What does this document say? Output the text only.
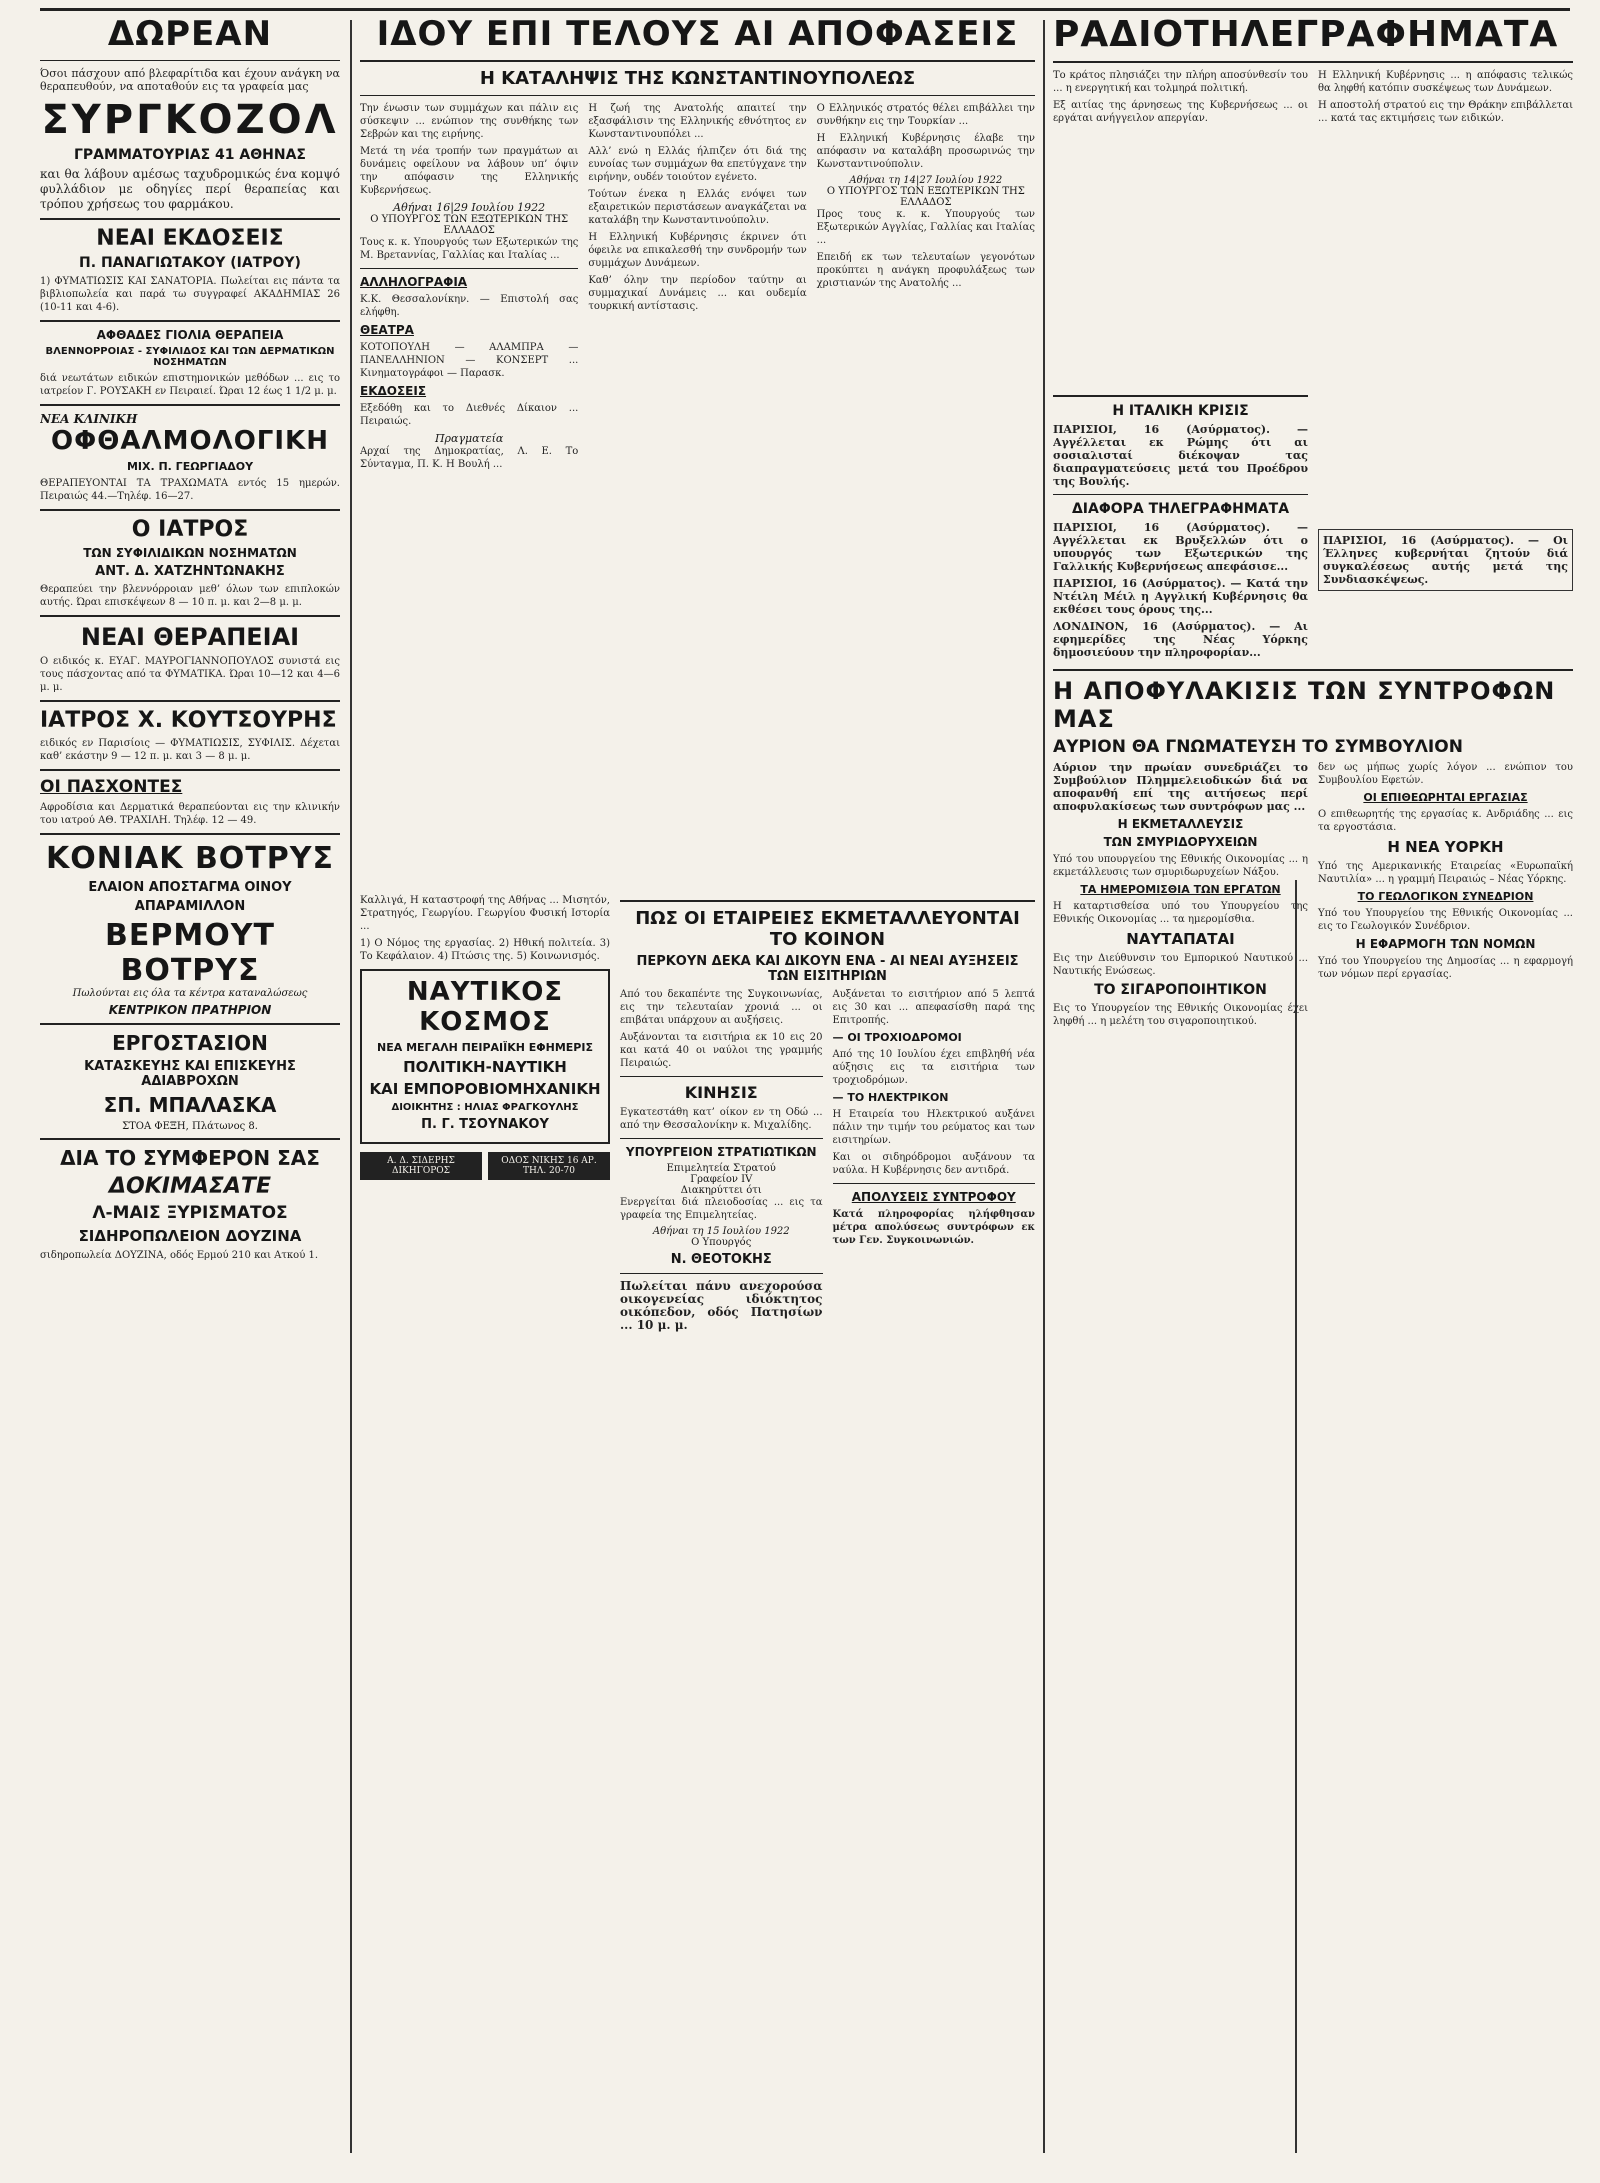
ΔΩΡΕΑΝ

Όσοι πάσχουν από βλεφαρίτιδα και έχουν ανάγκη να θεραπευθούν, να αποταθούν εις τα γραφεία μας

ΣΥΡΓΚΟΖΟΛ
ΓΡΑΜΜΑΤΟΥΡΙΑΣ 41 ΑΘΗΝΑΣ

και θα λάβουν αμέσως ταχυδρομικώς ένα κομψό φυλλάδιον με οδηγίες περί θεραπείας και τρόπου χρήσεως του φαρμάκου.

ΝΕΑΙ ΕΚΔΟΣΕΙΣ
Π. ΠΑΝΑΓΙΩΤΑΚΟΥ (ΙΑΤΡΟΥ)

1) ΦΥΜΑΤΙΩΣΙΣ ΚΑΙ ΣΑΝΑΤΟΡΙΑ. Πωλείται εις πάντα τα βιβλιοπωλεία και παρά τω συγγραφεί ΑΚΑΔΗΜΙΑΣ 26 (10-11 και 4-6).

ΑΦΘΑΔΕΣ ΓΙΟΛΙΑ ΘΕΡΑΠΕΙΑ
ΒΛΕΝΝΟΡΡΟΙΑΣ - ΣΥΦΙΛΙΔΟΣ ΚΑΙ ΤΩΝ ΔΕΡΜΑΤΙΚΩΝ ΝΟΣΗΜΑΤΩΝ

διά νεωτάτων ειδικών επιστημονικών μεθόδων ... εις το ιατρείον Γ. ΡΟΥΣΑΚΗ εν Πειραιεί. Ώραι 12 έως 1 1/2 μ. μ.

ΝΕΑ ΚΛΙΝΙΚΗ
ΟΦΘΑΛΜΟΛΟΓΙΚΗ
ΜΙΧ. Π. ΓΕΩΡΓΙΑΔΟΥ

ΘΕΡΑΠΕΥΟΝΤΑΙ ΤΑ ΤΡΑΧΩΜΑΤΑ εντός 15 ημερών. Πειραιώς 44.—Τηλέφ. 16—27.

Ο ΙΑΤΡΟΣ
ΤΩΝ ΣΥΦΙΛΙΔΙΚΩΝ ΝΟΣΗΜΑΤΩΝ
ΑΝΤ. Δ. ΧΑΤΖΗΝΤΩΝΑΚΗΣ

Θεραπεύει την βλεννόρροιαν μεθ’ όλων των επιπλοκών αυτής. Ώραι επισκέψεων 8 — 10 π. μ. και 2—8 μ. μ.

ΝΕΑΙ ΘΕΡΑΠΕΙΑΙ

Ο ειδικός κ. ΕΥΑΓ. ΜΑΥΡΟΓΙΑΝΝΟΠΟΥΛΟΣ συνιστά εις τους πάσχοντας από τα ΦΥΜΑΤΙΚΑ. Ώραι 10—12 και 4—6 μ. μ.

ΙΑΤΡΟΣ Χ. ΚΟΥΤΣΟΥΡΗΣ

ειδικός εν Παρισίοις — ΦΥΜΑΤΙΩΣΙΣ, ΣΥΦΙΛΙΣ. Δέχεται καθ’ εκάστην 9 — 12 π. μ. και 3 — 8 μ. μ.

ΟΙ ΠΑΣΧΟΝΤΕΣ

Αφροδίσια και Δερματικά θεραπεύονται εις την κλινικήν του ιατρού ΑΘ. ΤΡΑΧΙΛΗ. Τηλέφ. 12 — 49.

ΚΟΝΙΑΚ ΒΟΤΡΥΣ
ΕΛΑΙΟΝ ΑΠΟΣΤΑΓΜΑ ΟΙΝΟΥ
ΑΠΑΡΑΜΙΛΛΟΝ
ΒΕΡΜΟΥΤ ΒΟΤΡΥΣ
Πωλούνται εις όλα τα κέντρα καταναλώσεως
ΚΕΝΤΡΙΚΟΝ ΠΡΑΤΗΡΙΟΝ
ΕΡΓΟΣΤΑΣΙΟΝ
ΚΑΤΑΣΚΕΥΗΣ ΚΑΙ ΕΠΙΣΚΕΥΗΣ ΑΔΙΑΒΡΟΧΩΝ
ΣΠ. ΜΠΑΛΑΣΚΑ
ΣΤΟΑ ΦΕΞΗ, Πλάτωνος 8.
ΔΙΑ ΤΟ ΣΥΜΦΕΡΟΝ ΣΑΣ
ΔΟΚΙΜΑΣΑΤΕ
Λ-ΜΑΙΣ ΞΥΡΙΣΜΑΤΟΣ
ΣΙΔΗΡΟΠΩΛΕΙΟΝ ΔΟΥΖΙΝΑ

σιδηροπωλεία ΔΟΥΖΙΝΑ, οδός Ερμού 210 και Ατκού 1.

ΙΔΟΥ ΕΠΙ ΤΕΛΟΥΣ ΑΙ ΑΠΟΦΑΣΕΙΣ
Η ΚΑΤΑΛΗΨΙΣ ΤΗΣ ΚΩΝΣΤΑΝΤΙΝΟΥΠΟΛΕΩΣ

Την ένωσιν των συμμάχων και πάλιν εις σύσκεψιν ... ενώπιον της συνθήκης των Σεβρών και της ειρήνης.

Μετά τη νέα τροπήν των πραγμάτων αι δυνάμεις οφείλουν να λάβουν υπ’ όψιν την απόφασιν της Ελληνικής Κυβερνήσεως.

Αθήναι 16|29 Ιουλίου 1922
Ο ΥΠΟΥΡΓΟΣ ΤΩΝ ΕΞΩΤΕΡΙΚΩΝ ΤΗΣ ΕΛΛΑΔΟΣ

Τους κ. κ. Υπουργούς των Εξωτερικών της Μ. Βρεταννίας, Γαλλίας και Ιταλίας ...

ΑΛΛΗΛΟΓΡΑΦΙΑ

Κ.Κ. Θεσσαλονίκην. — Επιστολή σας ελήφθη.

ΘΕΑΤΡΑ

ΚΟΤΟΠΟΥΛΗ — ΑΛΑΜΠΡΑ — ΠΑΝΕΛΛΗΝΙΟΝ — ΚΟΝΣΕΡΤ ... Κινηματογράφοι — Παρασκ.

ΕΚΔΟΣΕΙΣ

Εξεδόθη και το Διεθνές Δίκαιον ... Πειραιώς.

Πραγματεία

Αρχαί της Δημοκρατίας, Λ. Ε. Το Σύνταγμα, Π. Κ. Η Βουλή ...

Η ζωή της Ανατολής απαιτεί την εξασφάλισιν της Ελληνικής εθνότητος εν Κωνσταντινουπόλει ...

Αλλ’ ενώ η Ελλάς ήλπιζεν ότι διά της ευνοίας των συμμάχων θα επετύγχανε την ειρήνην, ουδέν τοιούτον εγένετο.

Τούτων ένεκα η Ελλάς ενόψει των εξαιρετικών περιστάσεων αναγκάζεται να καταλάβη την Κωνσταντινούπολιν.

Η Ελληνική Κυβέρνησις έκρινεν ότι όφειλε να επικαλεσθή την συνδρομήν των συμμάχων Δυνάμεων.

Καθ’ όλην την περίοδον ταύτην αι συμμαχικαί Δυνάμεις ... και ουδεμία τουρκική αντίστασις.

Ο Ελληνικός στρατός θέλει επιβάλλει την συνθήκην εις την Τουρκίαν ...

Η Ελληνική Κυβέρνησις έλαβε την απόφασιν να καταλάβη προσωρινώς την Κωνσταντινούπολιν.

Αθήναι τη 14|27 Ιουλίου 1922
Ο ΥΠΟΥΡΓΟΣ ΤΩΝ ΕΞΩΤΕΡΙΚΩΝ ΤΗΣ ΕΛΛΑΔΟΣ

Προς τους κ. κ. Υπουργούς των Εξωτερικών Αγγλίας, Γαλλίας και Ιταλίας ...

Επειδή εκ των τελευταίων γεγονότων προκύπτει η ανάγκη προφυλάξεως των χριστιανών της Ανατολής ...

Καλλιγά, Η καταστροφή της Αθήνας ... Μισητόν, Στρατηγός, Γεωργίου. Γεωργίου Φυσική Ιστορία ...

1) Ο Νόμος της εργασίας. 2) Ηθική πολιτεία. 3) Το Κεφάλαιον. 4) Πτώσις της. 5) Κοινωνισμός.

ΝΑΥΤΙΚΟΣ ΚΟΣΜΟΣ
ΝΕΑ ΜΕΓΑΛΗ ΠΕΙΡΑΙΪΚΗ ΕΦΗΜΕΡΙΣ
ΠΟΛΙΤΙΚΗ-ΝΑΥΤΙΚΗ
ΚΑΙ ΕΜΠΟΡΟΒΙΟΜΗΧΑΝΙΚΗ
ΔΙΟΙΚΗΤΗΣ : ΗΛΙΑΣ ΦΡΑΓΚΟΥΛΗΣ
Π. Γ. ΤΣΟΥΝΑΚΟΥ
Α. Δ. ΣΙΔΕΡΗΣ ΔΙΚΗΓΟΡΟΣ
ΟΔΟΣ ΝΙΚΗΣ 16 ΑΡ. ΤΗΛ. 20-70
ΠΩΣ ΟΙ ΕΤΑΙΡΕΙΕΣ ΕΚΜΕΤΑΛΛΕΥΟΝΤΑΙ ΤΟ ΚΟΙΝΟΝ
ΠΕΡΚΟΥΝ ΔΕΚΑ ΚΑΙ ΔΙΚΟΥΝ ΕΝΑ - ΑΙ ΝΕΑΙ ΑΥΞΗΣΕΙΣ ΤΩΝ ΕΙΣΙΤΗΡΙΩΝ

Από του δεκαπέντε της Συγκοινωνίας, εις την τελευταίαν χρονιά ... οι επιβάται υπάρχουν αι αυξήσεις.

Αυξάνονται τα εισιτήρια εκ 10 εις 20 και κατά 40 οι ναύλοι της γραμμής Πειραιώς.

ΚΙΝΗΣΙΣ

Εγκατεστάθη κατ’ οίκον εν τη Οδώ ... από την Θεσσαλονίκην κ. Μιχαλίδης.

ΥΠΟΥΡΓΕΙΟΝ ΣΤΡΑΤΙΩΤΙΚΩΝ
Επιμελητεία Στρατού
Γραφείον IV
Διακηρύττει ότι

Ενεργείται διά πλειοδοσίας ... εις τα γραφεία της Επιμελητείας.

Αθήναι τη 15 Ιουλίου 1922
Ο Υπουργός
Ν. ΘΕΟΤΟΚΗΣ

Πωλείται πάνυ ανεχορούσα οικογενείας ιδιόκτητος οικόπεδον, οδός Πατησίων ... 10 μ. μ.

Αυξάνεται το εισιτήριον από 5 λεπτά εις 30 και ... απεφασίσθη παρά της Επιτροπής.

— ΟΙ ΤΡΟΧΙΟΔΡΟΜΟΙ

Από της 10 Ιουλίου έχει επιβληθή νέα αύξησις εις τα εισιτήρια των τροχιοδρόμων.

— ΤΟ ΗΛΕΚΤΡΙΚΟΝ

Η Εταιρεία του Ηλεκτρικού αυξάνει πάλιν την τιμήν του ρεύματος και των εισιτηρίων.

Και οι σιδηρόδρομοι αυξάνουν τα ναύλα. Η Κυβέρνησις δεν αντιδρά.

ΑΠΟΛΥΣΕΙΣ ΣΥΝΤΡΟΦΟΥ

Κατά πληροφορίας ηλήφθησαν μέτρα απολύσεως συντρόφων εκ των Γεν. Συγκοινωνιών.

ΡΑΔΙΟΤΗΛΕΓΡΑΦΗΜΑΤΑ

Το κράτος πλησιάζει την πλήρη αποσύνθεσίν του ... η ενεργητική και τολμηρά πολιτική.

Εξ αιτίας της άρνησεως της Κυβερνήσεως ... οι εργάται ανήγγειλον απεργίαν.

Η Ελληνική Κυβέρνησις ... η απόφασις τελικώς θα ληφθή κατόπιν συσκέψεως των Δυνάμεων.

Η αποστολή στρατού εις την Θράκην επιβάλλεται ... κατά τας εκτιμήσεις των ειδικών.

Η ΙΤΑΛΙΚΗ ΚΡΙΣΙΣ

ΠΑΡΙΣΙΟΙ, 16 (Ασύρματος). — Αγγέλλεται εκ Ρώμης ότι αι σοσιαλισταί διέκοψαν τας διαπραγματεύσεις μετά του Προέδρου της Βουλής.

ΔΙΑΦΟΡΑ ΤΗΛΕΓΡΑΦΗΜΑΤΑ

ΠΑΡΙΣΙΟΙ, 16 (Ασύρματος). — Αγγέλλεται εκ Βρυξελλών ότι ο υπουργός των Εξωτερικών της Γαλλικής Κυβερνήσεως απεφάσισε...

ΠΑΡΙΣΙΟΙ, 16 (Ασύρματος). — Κατά την Ντέιλη Μέιλ η Αγγλική Κυβέρνησις θα εκθέσει τους όρους της...

ΛΟΝΔΙΝΟΝ, 16 (Ασύρματος). — Αι εφημερίδες της Νέας Υόρκης δημοσιεύουν την πληροφορίαν...

ΠΑΡΙΣΙΟΙ, 16 (Ασύρματος). — Οι Έλληνες κυβερνήται ζητούν διά συγκαλέσεως αυτής μετά της Συνδιασκέψεως.

Η ΑΠΟΦΥΛΑΚΙΣΙΣ ΤΩΝ ΣΥΝΤΡΟΦΩΝ ΜΑΣ
ΑΥΡΙΟΝ ΘΑ ΓΝΩΜΑΤΕΥΣΗ ΤΟ ΣΥΜΒΟΥΛΙΟΝ

Αύριον την πρωίαν συνεδριάζει το Συμβούλιον Πλημμελειοδικών διά να αποφανθή επί της αιτήσεως περί αποφυλακίσεως των συντρόφων μας ...

Η ΕΚΜΕΤΑΛΛΕΥΣΙΣ
ΤΩΝ ΣΜΥΡΙΔΟΡΥΧΕΙΩΝ

Υπό του υπουργείου της Εθνικής Οικονομίας ... η εκμετάλλευσις των σμυριδωρυχείων Νάξου.

ΤΑ ΗΜΕΡΟΜΙΣΘΙΑ ΤΩΝ ΕΡΓΑΤΩΝ

Η καταρτισθείσα υπό του Υπουργείου της Εθνικής Οικονομίας ... τα ημερομίσθια.

ΝΑΥΤΑΠΑΤΑΙ

Εις την Διεύθυνσιν του Εμπορικού Ναυτικού ... Ναυτικής Ενώσεως.

ΤΟ ΣΙΓΑΡΟΠΟΙΗΤΙΚΟΝ

Εις το Υπουργείον της Εθνικής Οικονομίας έχει ληφθή ... η μελέτη του σιγαροποιητικού.

δεν ως μήπως χωρίς λόγον ... ενώπιον του Συμβουλίου Εφετών.

ΟΙ ΕΠΙΘΕΩΡΗΤΑΙ ΕΡΓΑΣΙΑΣ

Ο επιθεωρητής της εργασίας κ. Ανδριάδης ... εις τα εργοστάσια.

Η ΝΕΑ ΥΟΡΚΗ

Υπό της Αμερικανικής Εταιρείας «Ευρωπαϊκή Ναυτιλία» ... η γραμμή Πειραιώς – Νέας Υόρκης.

ΤΟ ΓΕΩΛΟΓΙΚΟΝ ΣΥΝΕΔΡΙΟΝ

Υπό του Υπουργείου της Εθνικής Οικονομίας ... εις το Γεωλογικόν Συνέδριον.

Η ΕΦΑΡΜΟΓΗ ΤΩΝ ΝΟΜΩΝ

Υπό του Υπουργείου της Δημοσίας ... η εφαρμογή των νόμων περί εργασίας.
